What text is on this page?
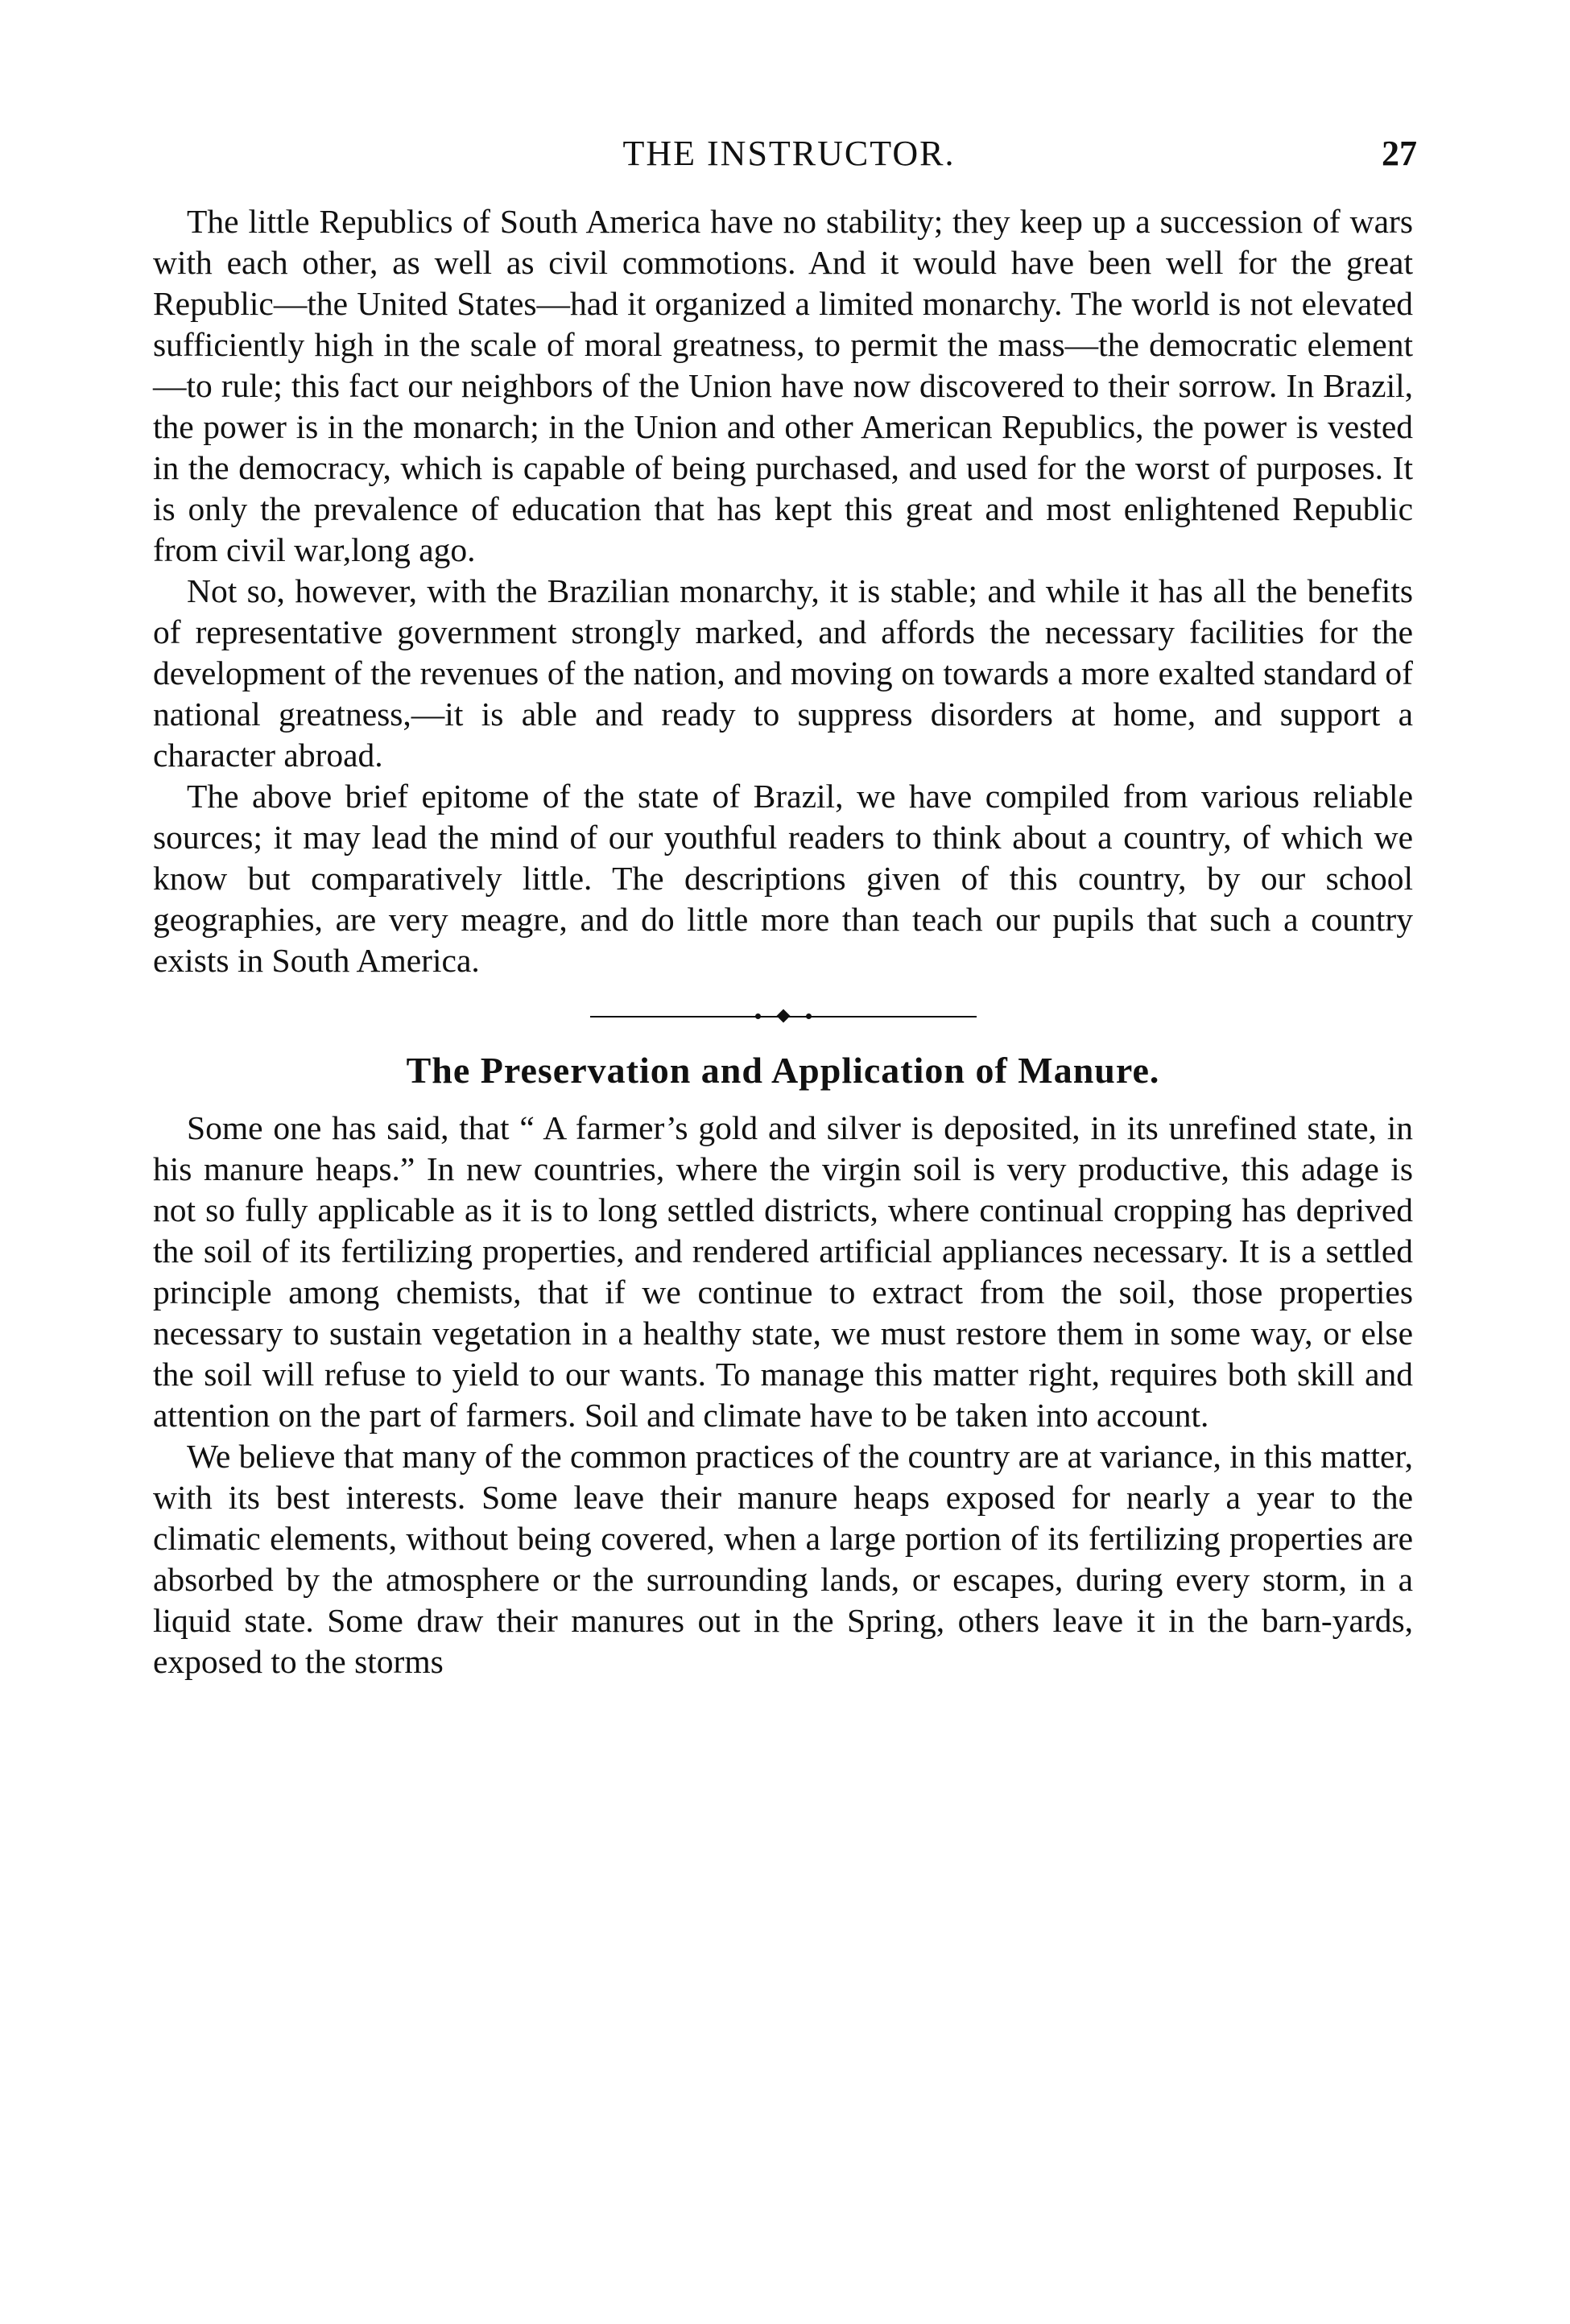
THE INSTRUCTOR.	27

The little Republics of South America have no stability; they keep up a succession of wars with each other, as well as civil commotions. And it would have been well for the great Republic—the United States—had it organized a limited monarchy. The world is not elevated sufficiently high in the scale of moral greatness, to permit the mass—the democratic element—to rule; this fact our neighbors of the Union have now discovered to their sorrow. In Brazil, the power is in the monarch; in the Union and other American Republics, the power is vested in the democracy, which is capable of being purchased, and used for the worst of purposes. It is only the prevalence of education that has kept this great and most enlightened Republic from civil war,long ago.

Not so, however, with the Brazilian monarchy, it is stable; and while it has all the benefits of representative government strongly marked, and affords the necessary facilities for the development of the revenues of the nation, and moving on towards a more exalted standard of national greatness,—it is able and ready to suppress disorders at home, and support a character abroad.

The above brief epitome of the state of Brazil, we have compiled from various reliable sources; it may lead the mind of our youthful readers to think about a country, of which we know but comparatively little. The descriptions given of this country, by our school geographies, are very meagre, and do little more than teach our pupils that such a country exists in South America.

The Preservation and Application of Manure.

Some one has said, that “ A farmer’s gold and silver is deposited, in its unrefined state, in his manure heaps.” In new countries, where the virgin soil is very productive, this adage is not so fully applicable as it is to long settled districts, where continual cropping has deprived the soil of its fertilizing properties, and rendered artificial appliances necessary. It is a settled principle among chemists, that if we continue to extract from the soil, those properties necessary to sustain vegetation in a healthy state, we must restore them in some way, or else the soil will refuse to yield to our wants. To manage this matter right, requires both skill and attention on the part of farmers. Soil and climate have to be taken into account.

We believe that many of the common practices of the country are at variance, in this matter, with its best interests. Some leave their manure heaps exposed for nearly a year to the climatic elements, without being covered, when a large portion of its fertilizing properties are absorbed by the atmosphere or the surrounding lands, or escapes, during every storm, in a liquid state. Some draw their manures out in the Spring, others leave it in the barn-yards, exposed to the storms
